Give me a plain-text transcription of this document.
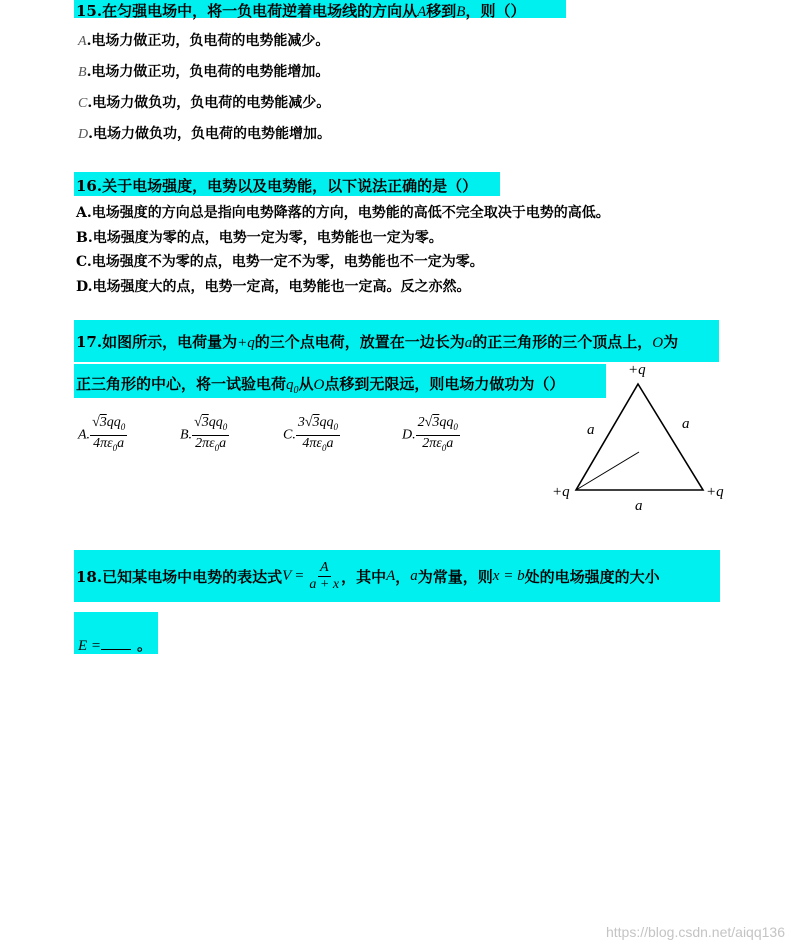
15.在匀强电场中，将一负电荷逆着电场线的方向从A移到B，则（）
A.电场力做正功，负电荷的电势能减少。
B.电场力做正功，负电荷的电势能增加。
C.电场力做负功，负电荷的电势能减少。
D.电场力做负功，负电荷的电势能增加。
16.关于电场强度，电势以及电势能，以下说法正确的是（）
A.电场强度的方向总是指向电势降落的方向，电势能的高低不完全取决于电势的高低。
B.电场强度为零的点，电势一定为零，电势能也一定为零。
C.电场强度不为零的点，电势一定不为零，电势能也不一定为零。
D.电场强度大的点，电势一定高，电势能也一定高。反之亦然。
17.如图所示，电荷量为+q的三个点电荷，放置在一边长为a的正三角形的三个顶点上，O为
正三角形的中心，将一试验电荷$q_0$从O点移到无限远，则电场力做功为（）
A. $\frac{√3qq_0}{4\pi\varepsilon_0a}$	B. $\frac{√3qq_0}{2\pi\varepsilon_0a}$	C. $\frac{3√3qq_0}{4\pi\varepsilon_0a}$	D. $\frac{2√3qq_0}{2\pi\varepsilon_0a}$
+q
+q	+q
a	a
a
18.已知某电场中电势的表达式 $V = \frac{A}{a + x}$ ，其中 A ， a 为常量，则 x = b 处的电场强度的大小
E = 。
https://blog.csdn.net/aiqq136
